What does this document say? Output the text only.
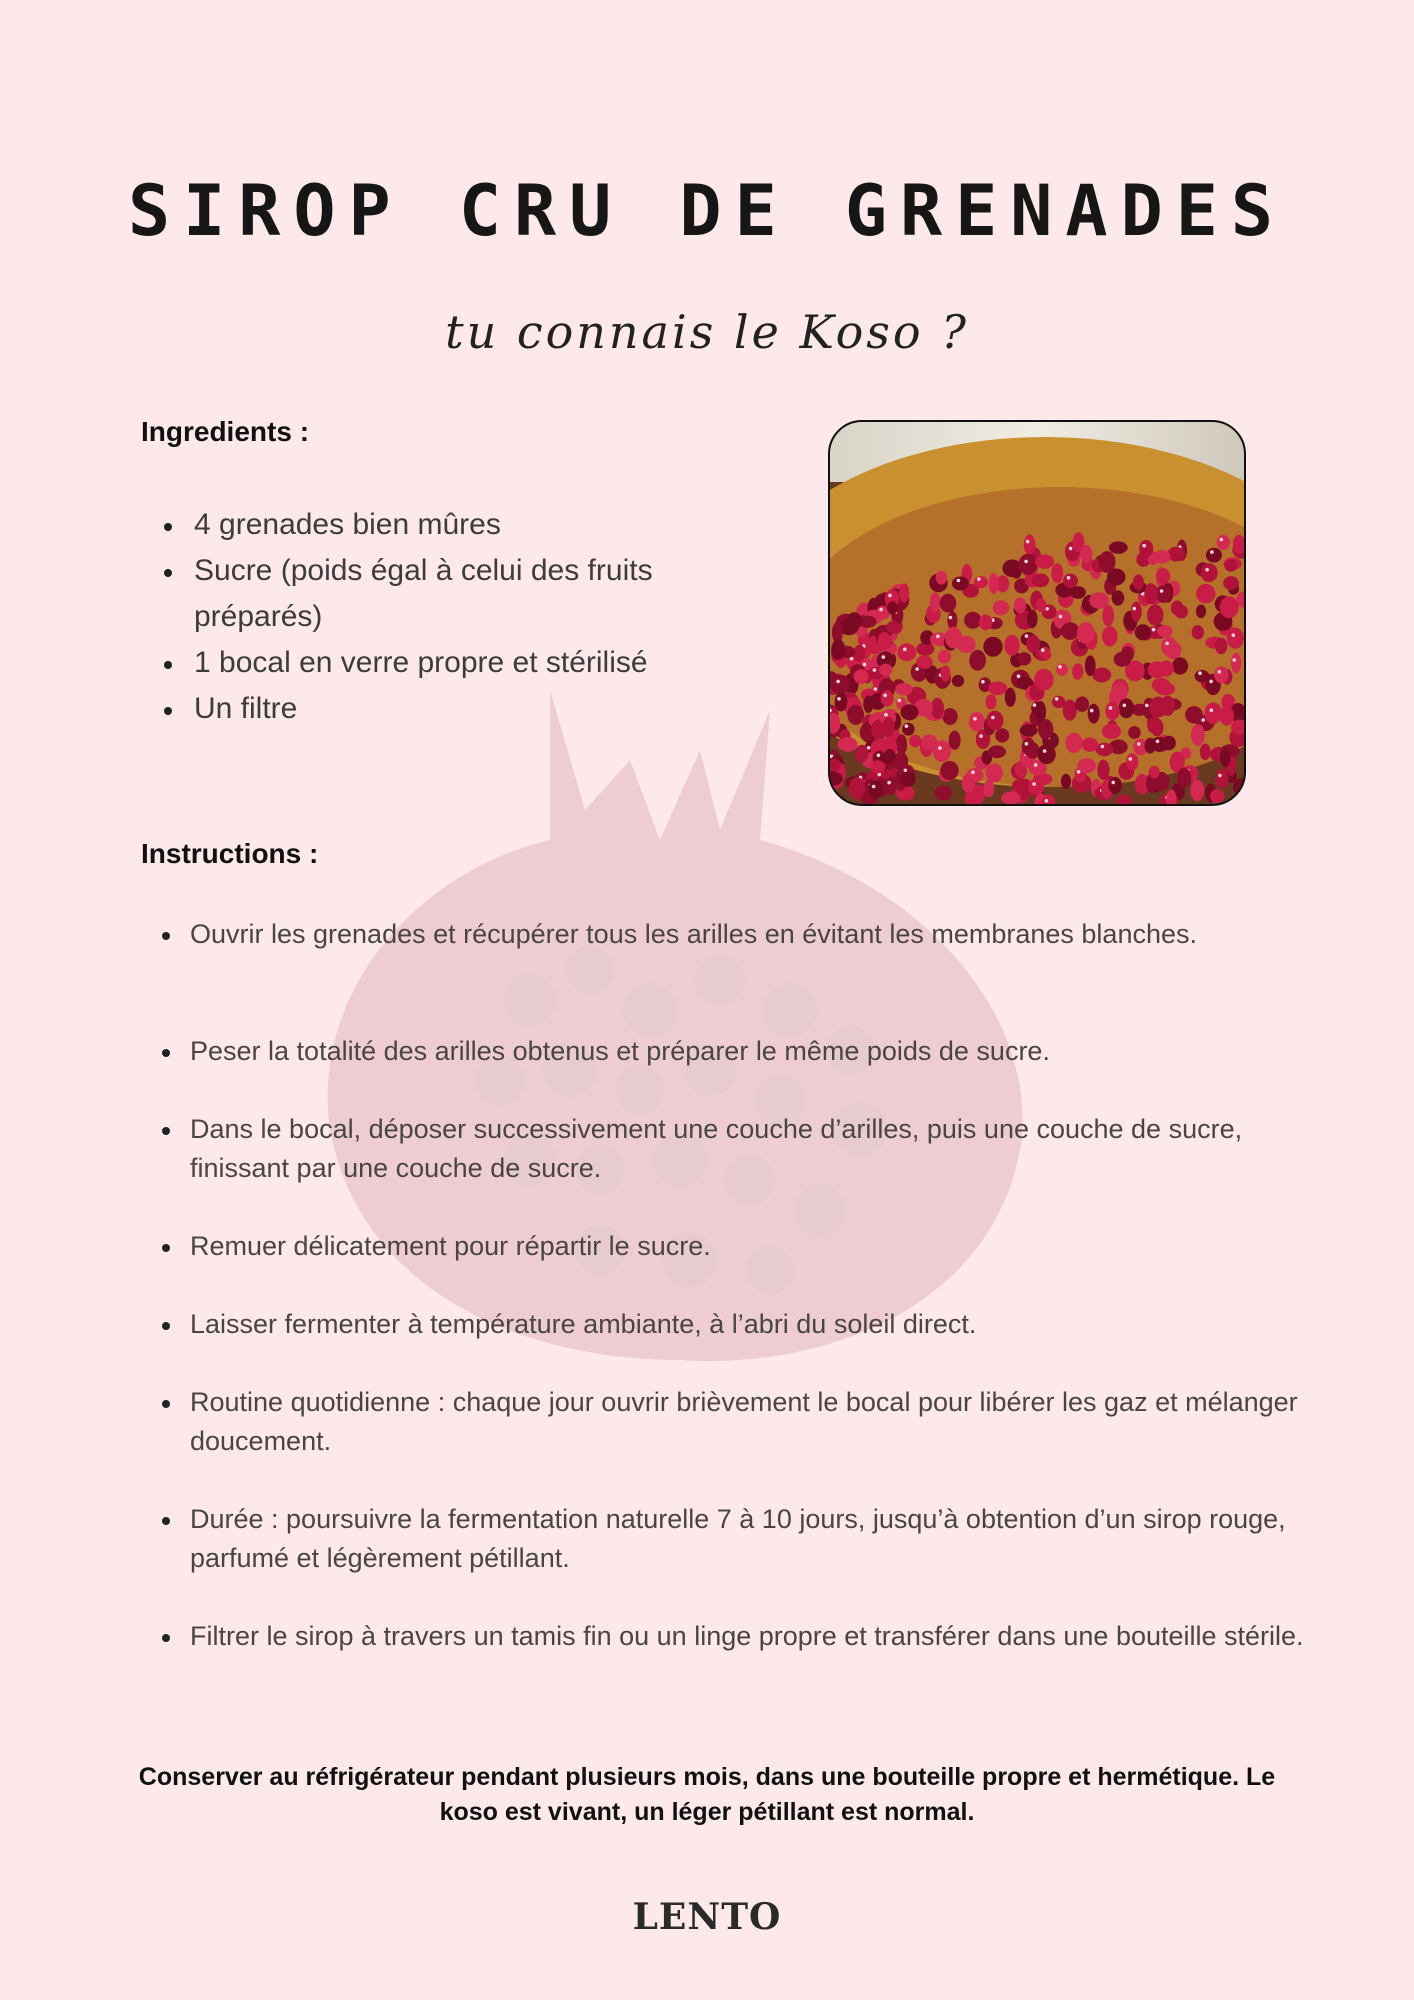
SIROP CRU DE GRENADES
tu connais le Koso ?
Ingredients :
4 grenades bien mûres
Sucre (poids égal à celui des fruits préparés)
1 bocal en verre propre et stérilisé
Un filtre
Instructions :
Ouvrir les grenades et récupérer tous les arilles en évitant les membranes blanches.
Peser la totalité des arilles obtenus et préparer le même poids de sucre.
Dans le bocal, déposer successivement une couche d’arilles, puis une couche de sucre, finissant par une couche de sucre.
Remuer délicatement pour répartir le sucre.
Laisser fermenter à température ambiante, à l’abri du soleil direct.
Routine quotidienne : chaque jour ouvrir brièvement le bocal pour libérer les gaz et mélanger doucement.
Durée : poursuivre la fermentation naturelle 7 à 10 jours, jusqu’à obtention d’un sirop rouge, parfumé et légèrement pétillant.
Filtrer le sirop à travers un tamis fin ou un linge propre et transférer dans une bouteille stérile.
Conserver au réfrigérateur pendant plusieurs mois, dans une bouteille propre et hermétique. Le koso est vivant, un léger pétillant est normal.
LENTO
